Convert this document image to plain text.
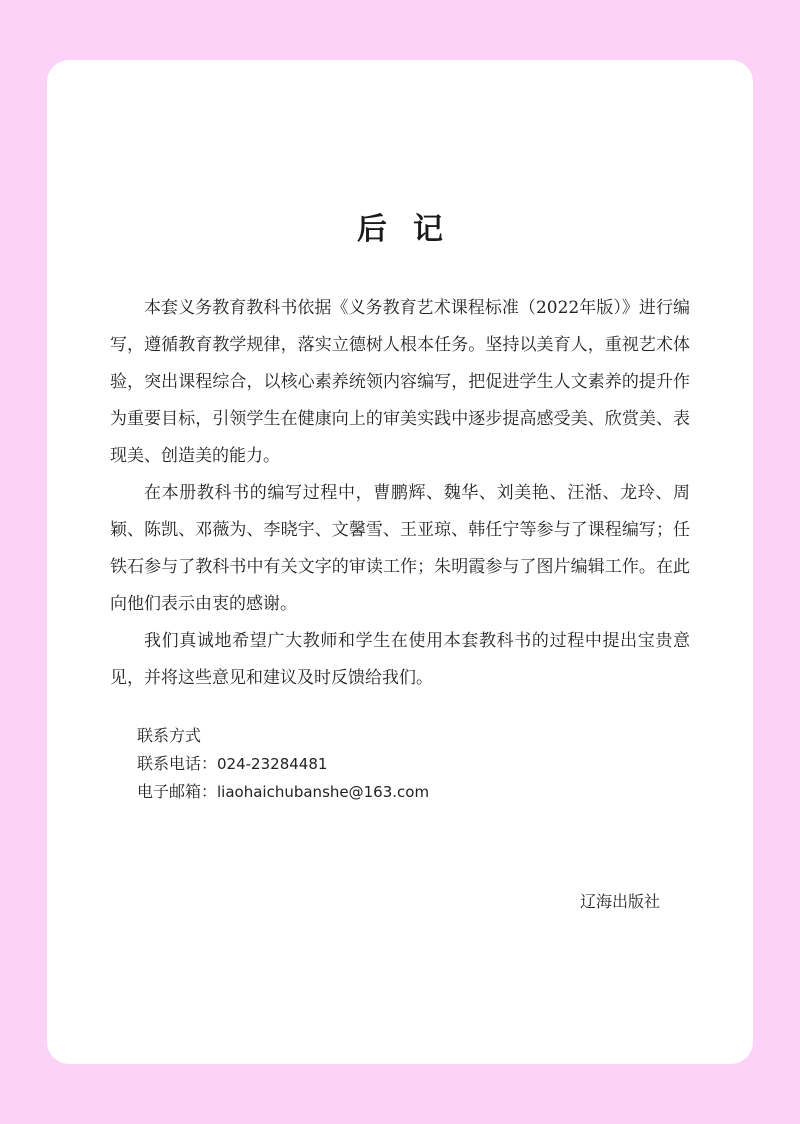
后记

本套义务教育教科书依据《义务教育艺术课程标准（2022年版）》进行编写，遵循教育教学规律，落实立德树人根本任务。坚持以美育人，重视艺术体验，突出课程综合，以核心素养统领内容编写，把促进学生人文素养的提升作为重要目标，引领学生在健康向上的审美实践中逐步提高感受美、欣赏美、表现美、创造美的能力。

在本册教科书的编写过程中，曹鹏辉、魏华、刘美艳、汪湉、龙玲、周颖、陈凯、邓薇为、李晓宇、文馨雪、王亚琼、韩任宁等参与了课程编写；任铁石参与了教科书中有关文字的审读工作；朱明霞参与了图片编辑工作。在此向他们表示由衷的感谢。

我们真诚地希望广大教师和学生在使用本套教科书的过程中提出宝贵意见，并将这些意见和建议及时反馈给我们。

联系方式
联系电话：024-23284481
电子邮箱：liaohaichubanshe@163.com
辽海出版社
